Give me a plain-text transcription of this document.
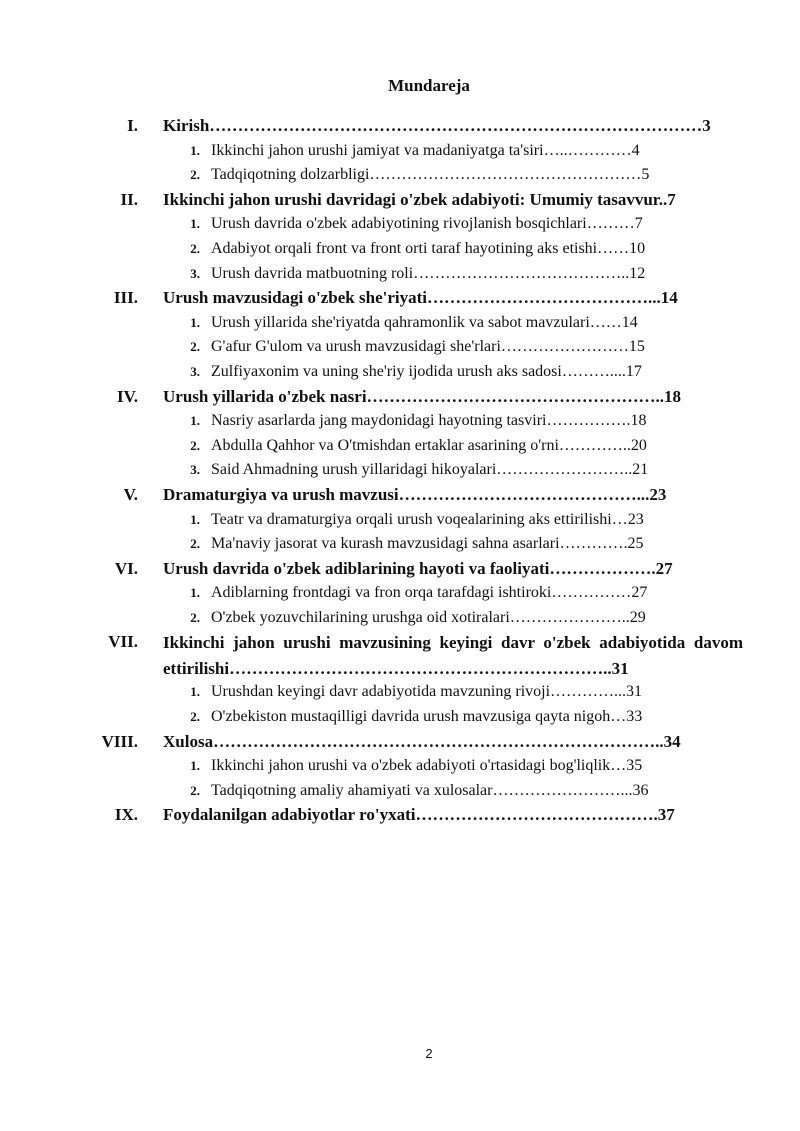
Mundareja
I. Kirish……………………………………………………………………………3
1. Ikkinchi jahon urushi jamiyat va madaniyatga ta'siri…..…………4
2. Tadqiqotning dolzarbligi……………………………………………5
II. Ikkinchi jahon urushi davridagi o'zbek adabiyoti: Umumiy tasavvur..7
1. Urush davrida o'zbek adabiyotining rivojlanish bosqichlari………7
2. Adabiyot orqali front va front orti taraf hayotining aks etishi……10
3. Urush davrida matbuotning roli…………………………………..12
III. Urush mavzusidagi o'zbek she'riyati…………………………………...14
1. Urush yillarida she'riyatda qahramonlik va sabot mavzulari……14
2. G'afur G'ulom va urush mavzusidagi she'rlari……………………15
3. Zulfiyaxonim va uning she'riy ijodida urush aks sadosi………....17
IV. Urush yillarida o'zbek nasri……………………………………………..18
1. Nasriy asarlarda jang maydonidagi hayotning tasviri…………….18
2. Abdulla Qahhor va O'tmishdan ertaklar asarining o'rni…………..20
3. Said Ahmadning urush yillaridagi hikoyalari……………………..21
V. Dramaturgiya va urush mavzusi……………………………………...23
1. Teatr va dramaturgiya orqali urush voqealarining aks ettirilishi…23
2. Ma'naviy jasorat va kurash mavzusidagi sahna asarlari………….25
VI. Urush davrida o'zbek adiblarining hayoti va faoliyati……………….27
1. Adiblarning frontdagi va fron orqa tarafdagi ishtiroki……………27
2. O'zbek yozuvchilarining urushga oid xotiralari…………………..29
VII. Ikkinchi jahon urushi mavzusining keyingi davr o'zbek adabiyotida davom ettirilishi…………………………………………………………..31
1. Urushdan keyingi davr adabiyotida mavzuning rivoji…………...31
2. O'zbekiston mustaqilligi davrida urush mavzusiga qayta nigoh…33
VIII. Xulosa……………………………………………………………………..34
1. Ikkinchi jahon urushi va o'zbek adabiyoti o'rtasidagi bog'liqlik…35
2. Tadqiqotning amaliy ahamiyati va xulosalar……………………...36
IX. Foydalanilgan adabiyotlar ro'yxati…………………………………….37
2
